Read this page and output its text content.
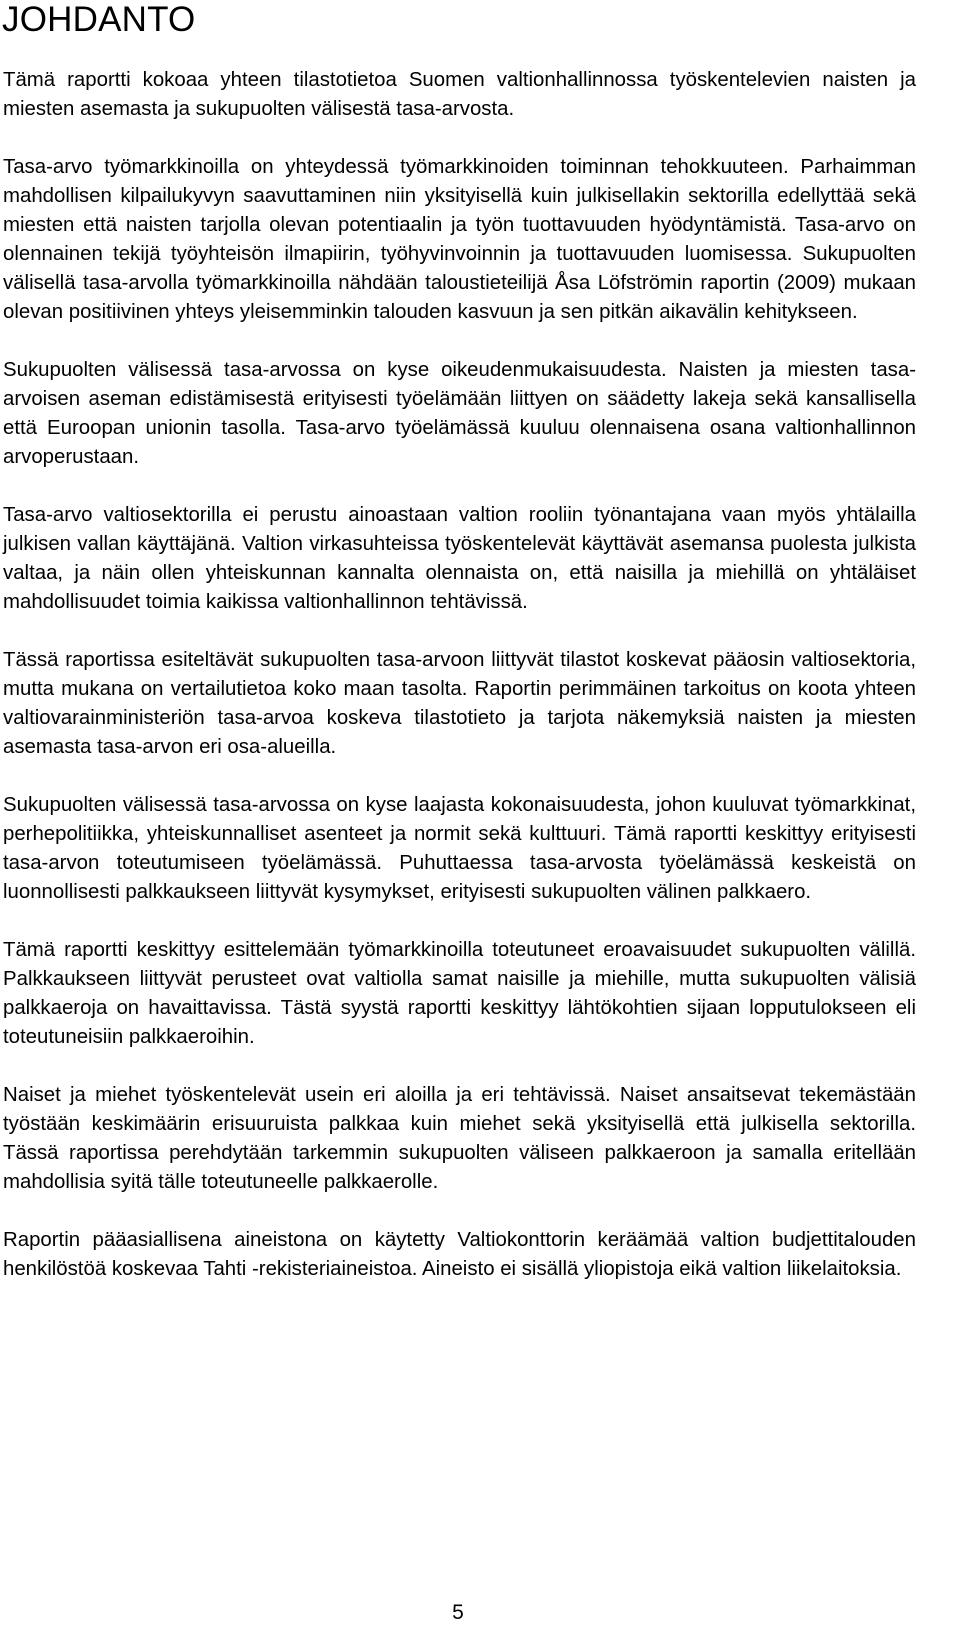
JOHDANTO

Tämä raportti kokoaa yhteen tilastotietoa Suomen valtionhallinnossa työskentelevien naisten ja miesten asemasta ja sukupuolten välisestä tasa-arvosta.

Tasa-arvo työmarkkinoilla on yhteydessä työmarkkinoiden toiminnan tehokkuuteen. Parhaimman mahdollisen kilpailukyvyn saavuttaminen niin yksityisellä kuin julkisellakin sektorilla edellyttää sekä miesten että naisten tarjolla olevan potentiaalin ja työn tuottavuuden hyödyntämistä. Tasa-arvo on olennainen tekijä työyhteisön ilmapiirin, työhyvinvoinnin ja tuottavuuden luomisessa. Sukupuolten välisellä tasa-arvolla työmarkkinoilla nähdään taloustieteilijä Åsa Löfströmin raportin (2009) mukaan olevan positiivinen yhteys yleisemminkin talouden kasvuun ja sen pitkän aikavälin kehitykseen.

Sukupuolten välisessä tasa-arvossa on kyse oikeudenmukaisuudesta. Naisten ja miesten tasa-arvoisen aseman edistämisestä erityisesti työelämään liittyen on säädetty lakeja sekä kansallisella että Euroopan unionin tasolla. Tasa-arvo työelämässä kuuluu olennaisena osana valtionhallinnon arvoperustaan.

Tasa-arvo valtiosektorilla ei perustu ainoastaan valtion rooliin työnantajana vaan myös yhtälailla julkisen vallan käyttäjänä. Valtion virkasuhteissa työskentelevät käyttävät asemansa puolesta julkista valtaa, ja näin ollen yhteiskunnan kannalta olennaista on, että naisilla ja miehillä on yhtäläiset mahdollisuudet toimia kaikissa valtionhallinnon tehtävissä.

Tässä raportissa esiteltävät sukupuolten tasa-arvoon liittyvät tilastot koskevat pääosin valtiosektoria, mutta mukana on vertailutietoa koko maan tasolta. Raportin perimmäinen tarkoitus on koota yhteen valtiovarainministeriön tasa-arvoa koskeva tilastotieto ja tarjota näkemyksiä naisten ja miesten asemasta tasa-arvon eri osa-alueilla.

Sukupuolten välisessä tasa-arvossa on kyse laajasta kokonaisuudesta, johon kuuluvat työmarkkinat, perhepolitiikka, yhteiskunnalliset asenteet ja normit sekä kulttuuri. Tämä raportti keskittyy erityisesti tasa-arvon toteutumiseen työelämässä. Puhuttaessa tasa-arvosta työelämässä keskeistä on luonnollisesti palkkaukseen liittyvät kysymykset, erityisesti sukupuolten välinen palkkaero.

Tämä raportti keskittyy esittelemään työmarkkinoilla toteutuneet eroavaisuudet sukupuolten välillä. Palkkaukseen liittyvät perusteet ovat valtiolla samat naisille ja miehille, mutta sukupuolten välisiä palkkaeroja on havaittavissa. Tästä syystä raportti keskittyy lähtökohtien sijaan lopputulokseen eli toteutuneisiin palkkaeroihin.

Naiset ja miehet työskentelevät usein eri aloilla ja eri tehtävissä. Naiset ansaitsevat tekemästään työstään keskimäärin erisuuruista palkkaa kuin miehet sekä yksityisellä että julkisella sektorilla. Tässä raportissa perehdytään tarkemmin sukupuolten väliseen palkkaeroon ja samalla eritellään mahdollisia syitä tälle toteutuneelle palkkaerolle.

Raportin pääasiallisena aineistona on käytetty Valtiokonttorin keräämää valtion budjettitalouden henkilöstöä koskevaa Tahti -rekisteriaineistoa. Aineisto ei sisällä yliopistoja eikä valtion liikelaitoksia.

5
